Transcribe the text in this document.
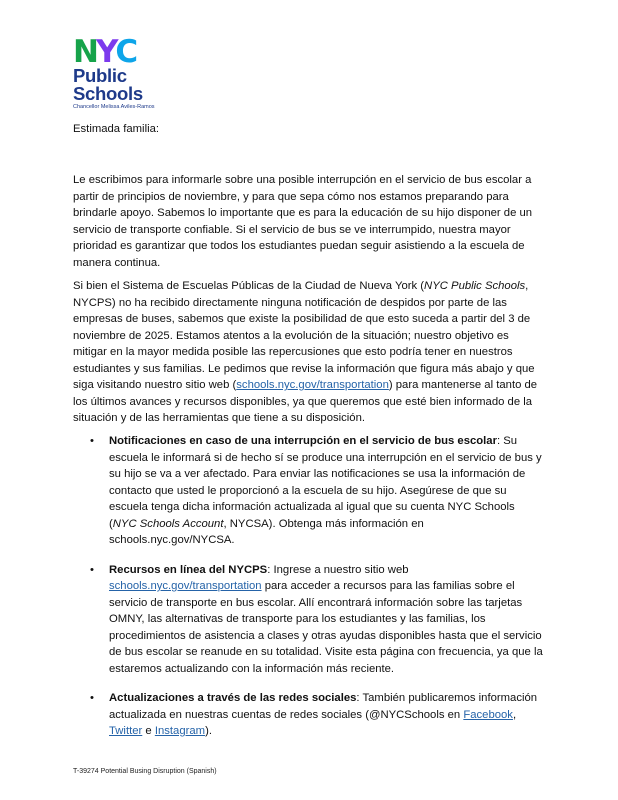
N Y C
Public
Schools
Chancellor Melissa Aviles-Ramos
Estimada familia:

Le escribimos para informarle sobre una posible interrupción en el servicio de bus escolar a partir de principios de noviembre, y para que sepa cómo nos estamos preparando para brindarle apoyo. Sabemos lo importante que es para la educación de su hijo disponer de un servicio de transporte confiable. Si el servicio de bus se ve interrumpido, nuestra mayor prioridad es garantizar que todos los estudiantes puedan seguir asistiendo a la escuela de manera continua.

Si bien el Sistema de Escuelas Públicas de la Ciudad de Nueva York (NYC Public Schools, NYCPS) no ha recibido directamente ninguna notificación de despidos por parte de las empresas de buses, sabemos que existe la posibilidad de que esto suceda a partir del 3 de noviembre de 2025. Estamos atentos a la evolución de la situación; nuestro objetivo es mitigar en la mayor medida posible las repercusiones que esto podría tener en nuestros estudiantes y sus familias. Le pedimos que revise la información que figura más abajo y que siga visitando nuestro sitio web (schools.nyc.gov/transportation) para mantenerse al tanto de los últimos avances y recursos disponibles, ya que queremos que esté bien informado de la situación y de las herramientas que tiene a su disposición.

• Notificaciones en caso de una interrupción en el servicio de bus escolar: Su escuela le informará si de hecho sí se produce una interrupción en el servicio de bus y su hijo se va a ver afectado. Para enviar las notificaciones se usa la información de contacto que usted le proporcionó a la escuela de su hijo. Asegúrese de que su escuela tenga dicha información actualizada al igual que su cuenta NYC Schools (NYC Schools Account, NYCSA). Obtenga más información en schools.nyc.gov/NYCSA.
• Recursos en línea del NYCPS: Ingrese a nuestro sitio web schools.nyc.gov/transportation para acceder a recursos para las familias sobre el servicio de transporte en bus escolar. Allí encontrará información sobre las tarjetas OMNY, las alternativas de transporte para los estudiantes y las familias, los procedimientos de asistencia a clases y otras ayudas disponibles hasta que el servicio de bus escolar se reanude en su totalidad. Visite esta página con frecuencia, ya que la estaremos actualizando con la información más reciente.
• Actualizaciones a través de las redes sociales: También publicaremos información actualizada en nuestras cuentas de redes sociales (@NYCSchools en Facebook, Twitter e Instagram).
T-39274 Potential Busing Disruption (Spanish)
